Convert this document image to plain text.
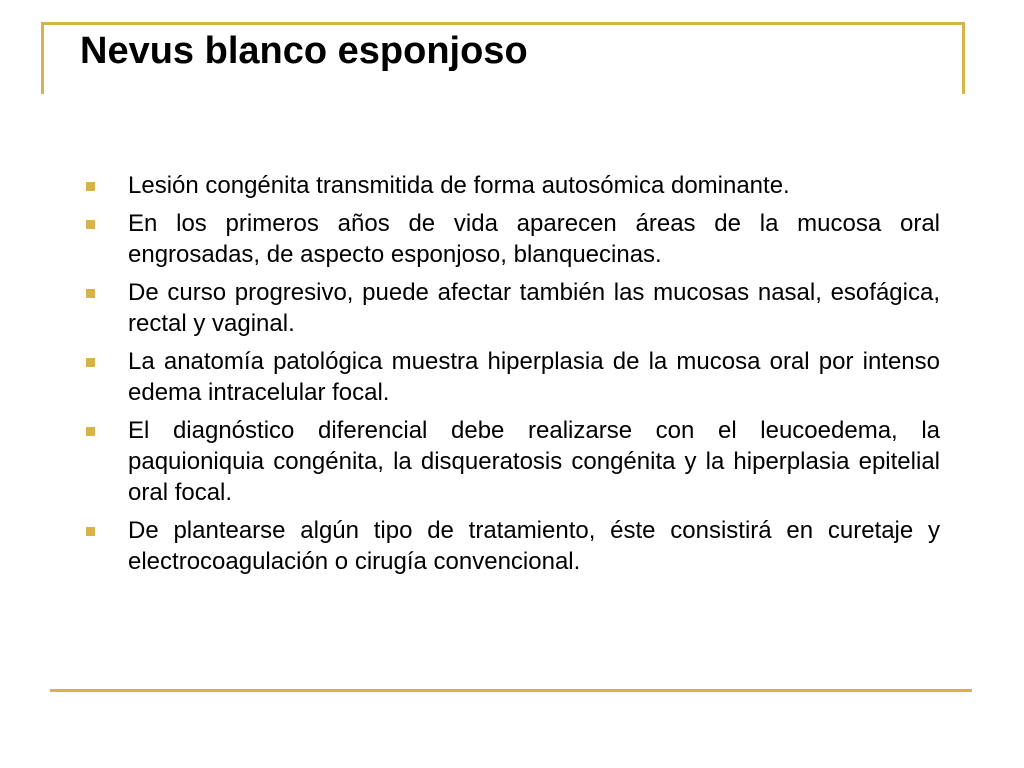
Nevus blanco esponjoso
Lesión congénita transmitida de forma autosómica dominante.
En los primeros años de vida aparecen áreas de la mucosa oral engrosadas, de aspecto esponjoso, blanquecinas.
De curso progresivo, puede afectar también las mucosas nasal, esofágica, rectal y vaginal.
La anatomía patológica muestra hiperplasia de la mucosa oral por intenso edema intracelular focal.
El diagnóstico diferencial debe realizarse con el leucoedema, la paquioniquia congénita, la disqueratosis congénita y la hiperplasia epitelial oral focal.
De plantearse algún tipo de tratamiento, éste consistirá en curetaje y electrocoagulación o cirugía convencional.
